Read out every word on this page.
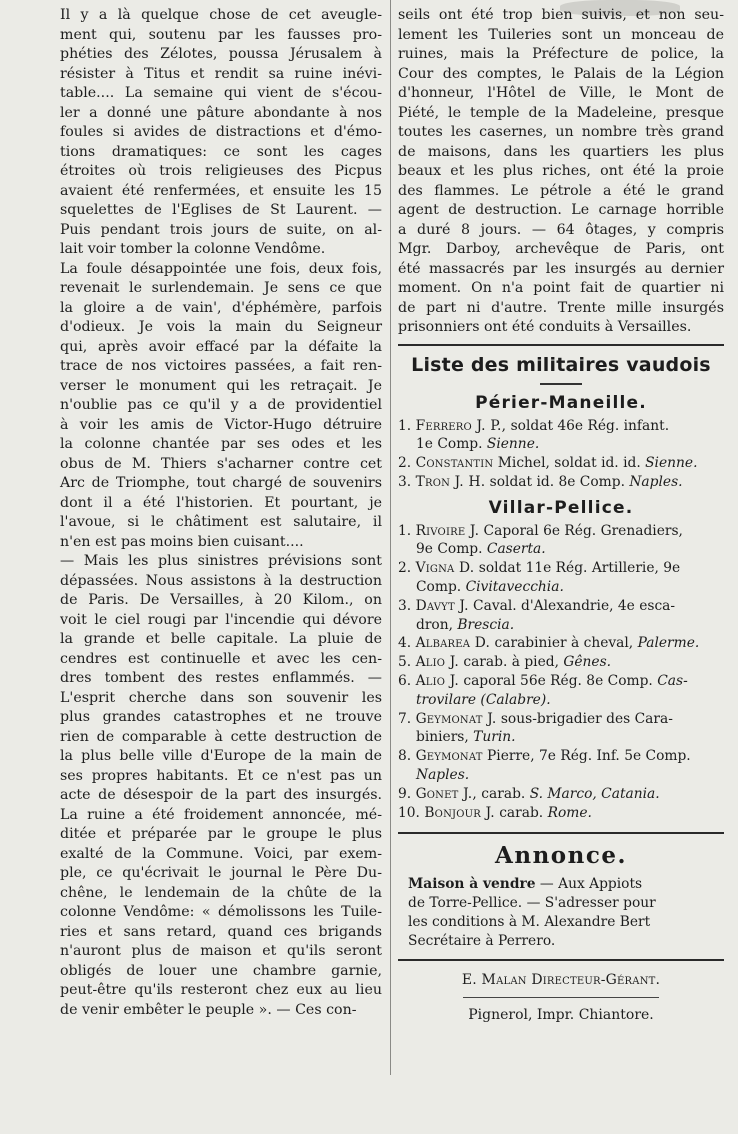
Il y a là quelque chose de cet aveugle-
ment qui, soutenu par les fausses pro-
phéties des Zélotes, poussa Jérusalem à
résister à Titus et rendit sa ruine inévi-
table.... La semaine qui vient de s'écou-
ler a donné une pâture abondante à nos
foules si avides de distractions et d'émo-
tions dramatiques: ce sont les cages
étroites où trois religieuses des Picpus
avaient été renfermées, et ensuite les 15
squelettes de l'Eglises de St Laurent. —
Puis pendant trois jours de suite, on al-
lait voir tomber la colonne Vendôme.
La foule désappointée une fois, deux fois,
revenait le surlendemain. Je sens ce que
la gloire a de vain', d'éphémère, parfois
d'odieux. Je vois la main du Seigneur
qui, après avoir effacé par la défaite la
trace de nos victoires passées, a fait ren-
verser le monument qui les retraçait. Je
n'oublie pas ce qu'il y a de providentiel
à voir les amis de Victor-Hugo détruire
la colonne chantée par ses odes et les
obus de M. Thiers s'acharner contre cet
Arc de Triomphe, tout chargé de souvenirs
dont il a été l'historien. Et pourtant, je
l'avoue, si le châtiment est salutaire, il
n'en est pas moins bien cuisant....
— Mais les plus sinistres prévisions sont
dépassées. Nous assistons à la destruction
de Paris. De Versailles, à 20 Kilom., on
voit le ciel rougi par l'incendie qui dévore
la grande et belle capitale. La pluie de
cendres est continuelle et avec les cen-
dres tombent des restes enflammés. —
L'esprit cherche dans son souvenir les
plus grandes catastrophes et ne trouve
rien de comparable à cette destruction de
la plus belle ville d'Europe de la main de
ses propres habitants. Et ce n'est pas un
acte de désespoir de la part des insurgés.
La ruine a été froidement annoncée, mé-
ditée et préparée par le groupe le plus
exalté de la Commune. Voici, par exem-
ple, ce qu'écrivait le journal le Père Du-
chêne, le lendemain de la chûte de la
colonne Vendôme: « démolissons les Tuile-
ries et sans retard, quand ces brigands
n'auront plus de maison et qu'ils seront
obligés de louer une chambre garnie,
peut-être qu'ils resteront chez eux au lieu
de venir embêter le peuple ». — Ces con-
seils ont été trop bien suivis, et non seu-
lement les Tuileries sont un monceau de
ruines, mais la Préfecture de police, la
Cour des comptes, le Palais de la Légion
d'honneur, l'Hôtel de Ville, le Mont de
Piété, le temple de la Madeleine, presque
toutes les casernes, un nombre très grand
de maisons, dans les quartiers les plus
beaux et les plus riches, ont été la proie
des flammes. Le pétrole a été le grand
agent de destruction. Le carnage horrible
a duré 8 jours. — 64 ôtages, y compris
Mgr. Darboy, archevêque de Paris, ont
été massacrés par les insurgés au dernier
moment. On n'a point fait de quartier ni
de part ni d'autre. Trente mille insurgés
prisonniers ont été conduits à Versailles.
Liste des militaires vaudois
Périer-Maneille.
1. Ferrero J. P., soldat 46e Rég. infant.
1e Comp. Sienne.
2. Constantin Michel, soldat id. id. Sienne.
3. Tron J. H. soldat id. 8e Comp. Naples.
Villar-Pellice.
1. Rivoire J. Caporal 6e Rég. Grenadiers,
9e Comp. Caserta.
2. Vigna D. soldat 11e Rég. Artillerie, 9e
Comp. Civitavecchia.
3. Davyt J. Caval. d'Alexandrie, 4e esca-
dron, Brescia.
4. Albarea D. carabinier à cheval, Palerme.
5. Alio J. carab. à pied, Gênes.
6. Alio J. caporal 56e Rég. 8e Comp. Cas-
trovilare (Calabre).
7. Geymonat J. sous-brigadier des Cara-
biniers, Turin.
8. Geymonat Pierre, 7e Rég. Inf. 5e Comp.
Naples.
9. Gonet J., carab. S. Marco, Catania.
10. Bonjour J. carab. Rome.
Annonce.
Maison à vendre — Aux Appiots
de Torre-Pellice. — S'adresser pour
les conditions à M. Alexandre Bert
Secrétaire à Perrero.

E. Malan Directeur-Gérant.

Pignerol, Impr. Chiantore.
